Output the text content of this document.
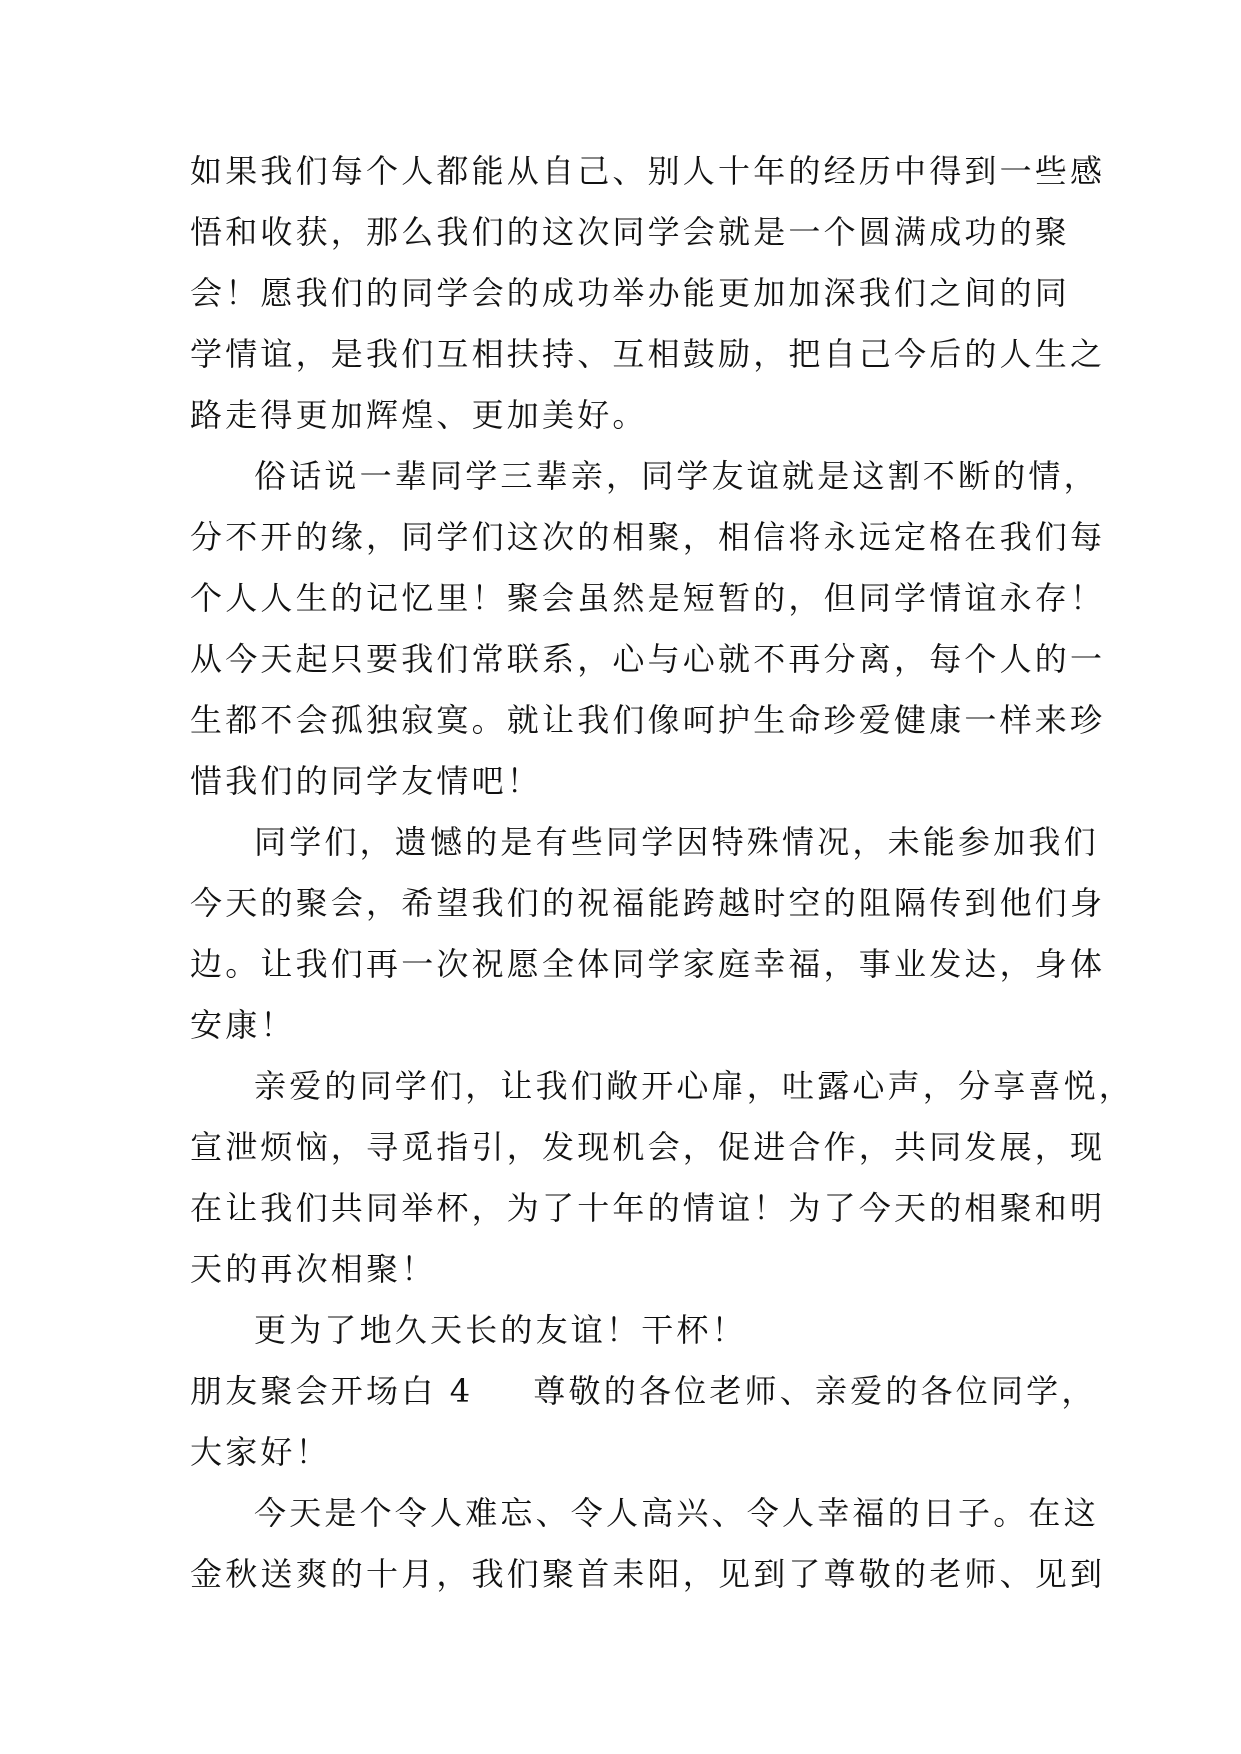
如果我们每个人都能从自己、别人十年的经历中得到一些感
悟和收获，那么我们的这次同学会就是一个圆满成功的聚
会！愿我们的同学会的成功举办能更加加深我们之间的同
学情谊，是我们互相扶持、互相鼓励，把自己今后的人生之
路走得更加辉煌、更加美好。
俗话说一辈同学三辈亲，同学友谊就是这割不断的情，
分不开的缘，同学们这次的相聚，相信将永远定格在我们每
个人人生的记忆里！聚会虽然是短暂的，但同学情谊永存！
从今天起只要我们常联系，心与心就不再分离，每个人的一
生都不会孤独寂寞。就让我们像呵护生命珍爱健康一样来珍
惜我们的同学友情吧！
同学们，遗憾的是有些同学因特殊情况，未能参加我们
今天的聚会，希望我们的祝福能跨越时空的阻隔传到他们身
边。让我们再一次祝愿全体同学家庭幸福，事业发达，身体
安康！
亲爱的同学们，让我们敞开心扉，吐露心声，分享喜悦，
宣泄烦恼，寻觅指引，发现机会，促进合作，共同发展，现
在让我们共同举杯，为了十年的情谊！为了今天的相聚和明
天的再次相聚！
更为了地久天长的友谊！干杯！
朋友聚会开场白 4 尊敬的各位老师、亲爱的各位同学，
大家好！
今天是个令人难忘、令人高兴、令人幸福的日子。在这
金秋送爽的十月，我们聚首耒阳，见到了尊敬的老师、见到
